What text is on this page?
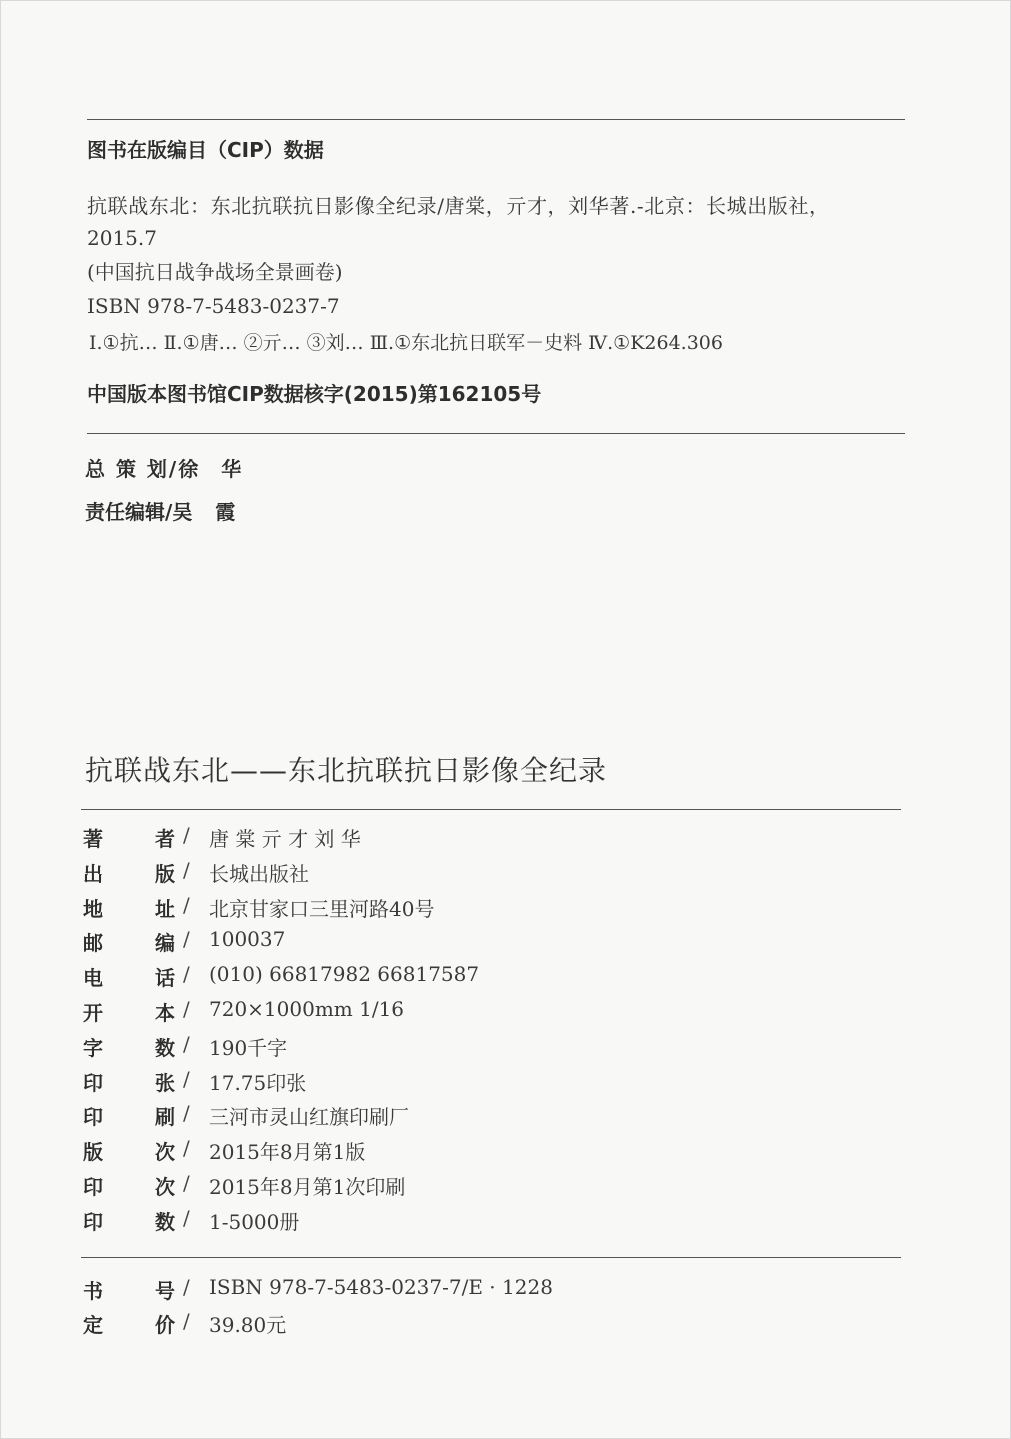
图书在版编目（CIP）数据
抗联战东北：东北抗联抗日影像全纪录/唐棠，亓才，刘华著.-北京：长城出版社，
2015.7
(中国抗日战争战场全景画卷)
ISBN 978-7-5483-0237-7
Ⅰ.①抗… Ⅱ.①唐… ②亓… ③刘… Ⅲ.①东北抗日联军－史料 Ⅳ.①K264.306
中国版本图书馆CIP数据核字(2015)第162105号
总 策 划/徐 华
责任编辑/吴 霞
抗联战东北——东北抗联抗日影像全纪录
著	者 / 唐 棠 亓 才 刘 华
出	版 / 长城出版社
地	址 / 北京甘家口三里河路40号
邮	编 / 100037
电	话 / (010) 66817982 66817587
开	本 / 720×1000mm 1/16
字	数 / 190千字
印	张 / 17.75印张
印	刷 / 三河市灵山红旗印刷厂
版	次 / 2015年8月第1版
印	次 / 2015年8月第1次印刷
印	数 / 1-5000册
书	号 / ISBN 978-7-5483-0237-7/E · 1228
定	价 / 39.80元
